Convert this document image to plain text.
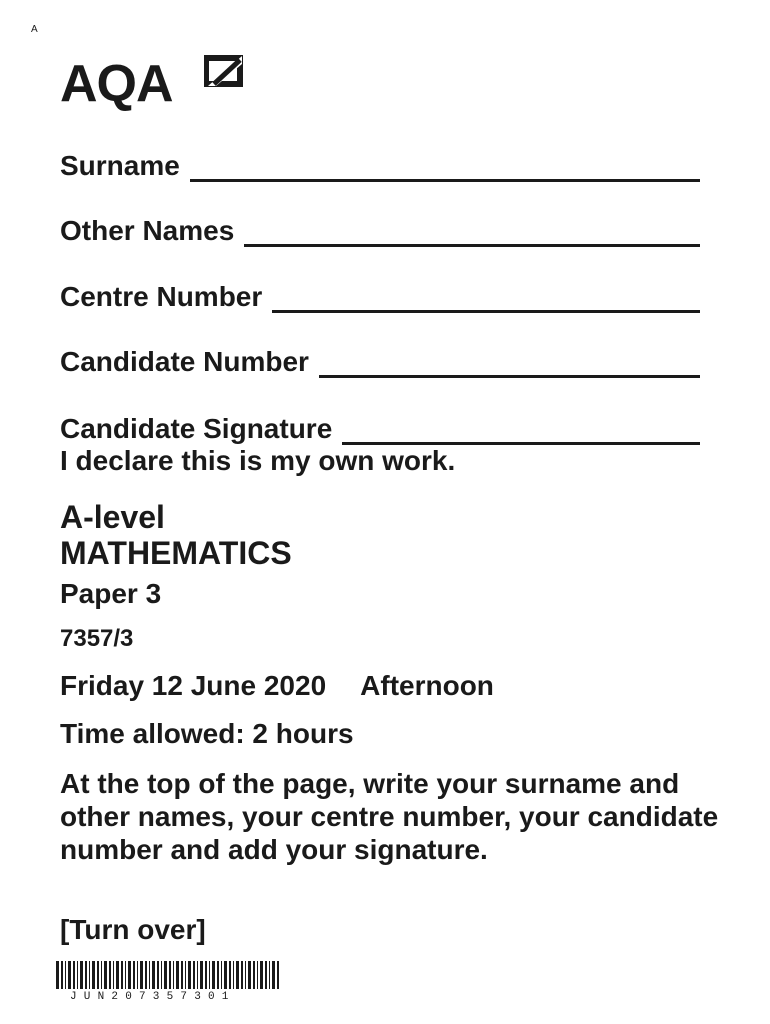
A
AQA
Surname
Other Names
Centre Number
Candidate Number
Candidate Signature
I declare this is my own work.
A-level
MATHEMATICS
Paper 3
7357/3
Friday 12 June 2020 Afternoon
Time allowed: 2 hours
At the top of the page, write your surname and other names, your centre number, your candidate number and add your signature.
[Turn over]
JUN207357301
